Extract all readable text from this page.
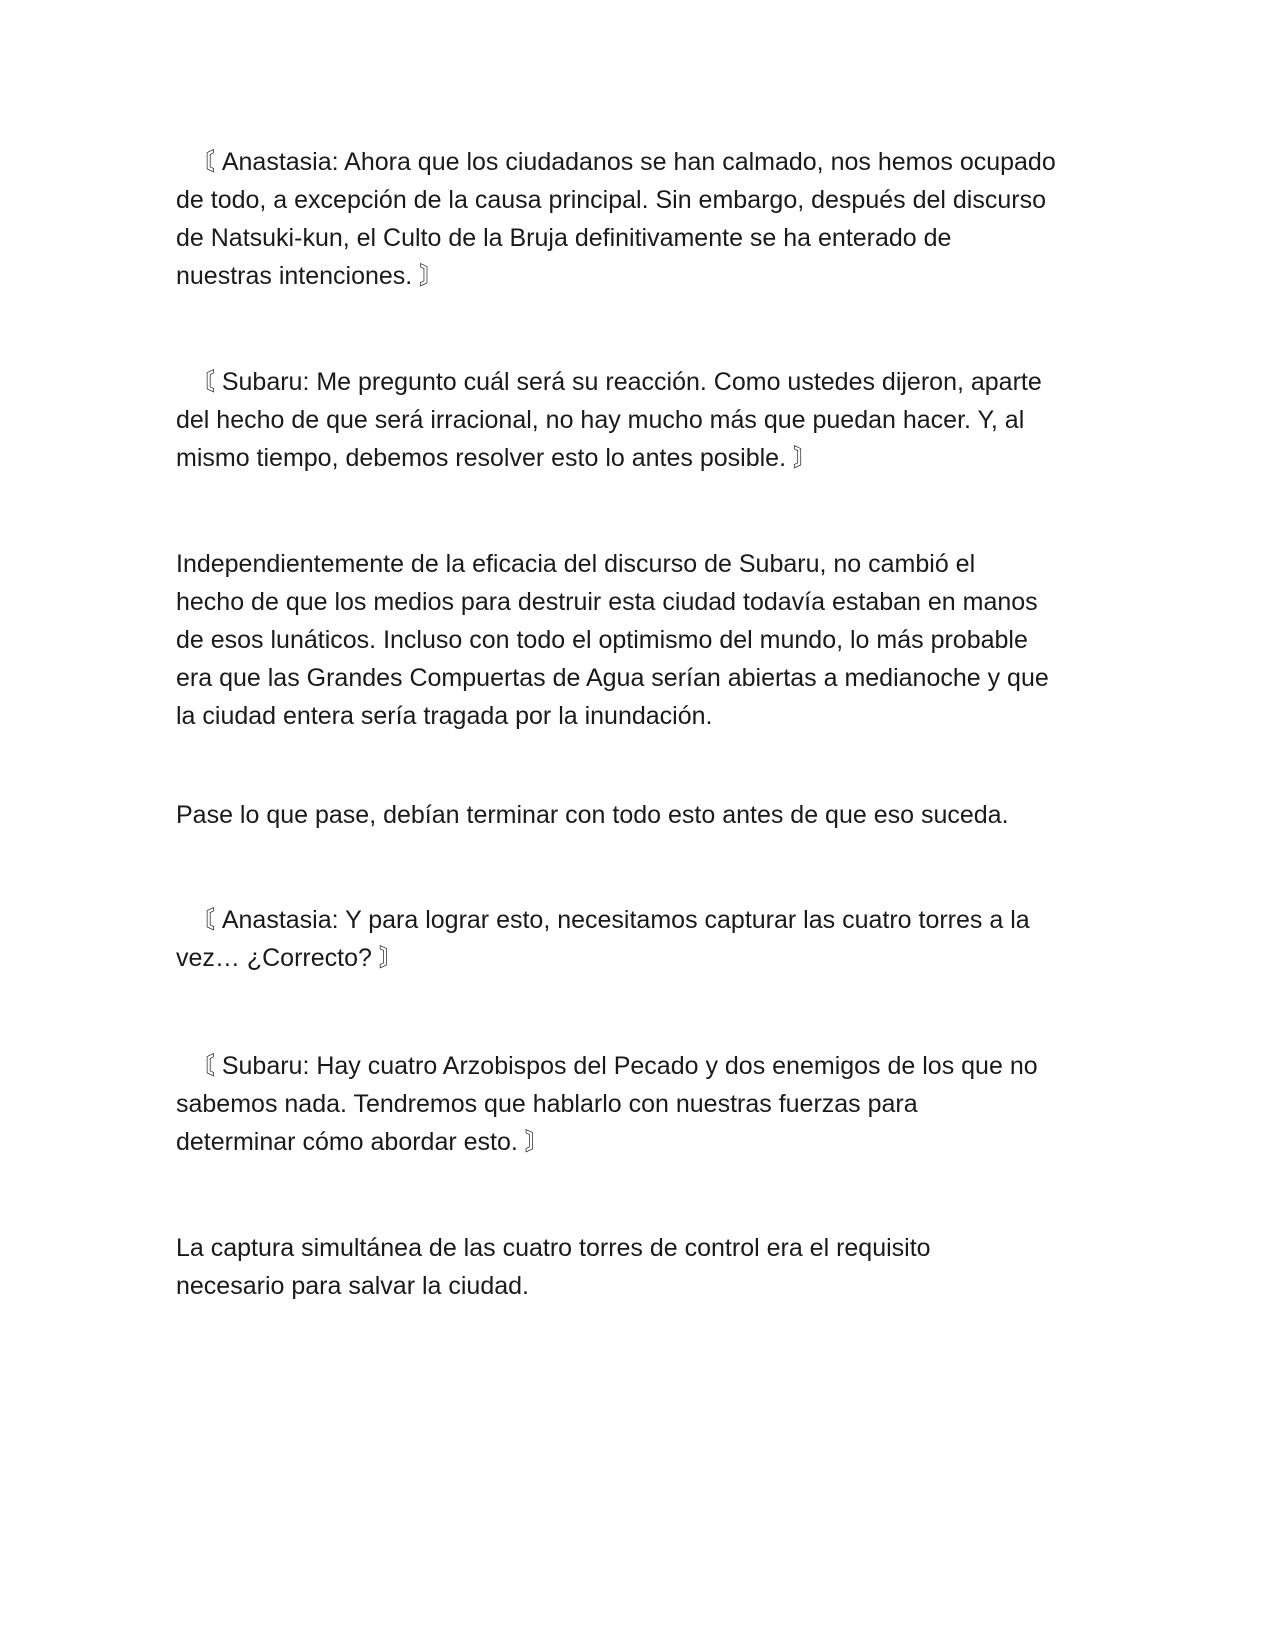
〘 Anastasia: Ahora que los ciudadanos se han calmado, nos hemos ocupado
de todo, a excepción de la causa principal. Sin embargo, después del discurso
de Natsuki-kun, el Culto de la Bruja definitivamente se ha enterado de
nuestras intenciones. 〙

〘 Subaru: Me pregunto cuál será su reacción. Como ustedes dijeron, aparte
del hecho de que será irracional, no hay mucho más que puedan hacer. Y, al
mismo tiempo, debemos resolver esto lo antes posible. 〙

Independientemente de la eficacia del discurso de Subaru, no cambió el
hecho de que los medios para destruir esta ciudad todavía estaban en manos
de esos lunáticos. Incluso con todo el optimismo del mundo, lo más probable
era que las Grandes Compuertas de Agua serían abiertas a medianoche y que
la ciudad entera sería tragada por la inundación.

Pase lo que pase, debían terminar con todo esto antes de que eso suceda.

〘 Anastasia: Y para lograr esto, necesitamos capturar las cuatro torres a la
vez… ¿Correcto? 〙

〘 Subaru: Hay cuatro Arzobispos del Pecado y dos enemigos de los que no
sabemos nada. Tendremos que hablarlo con nuestras fuerzas para
determinar cómo abordar esto. 〙

La captura simultánea de las cuatro torres de control era el requisito
necesario para salvar la ciudad.
